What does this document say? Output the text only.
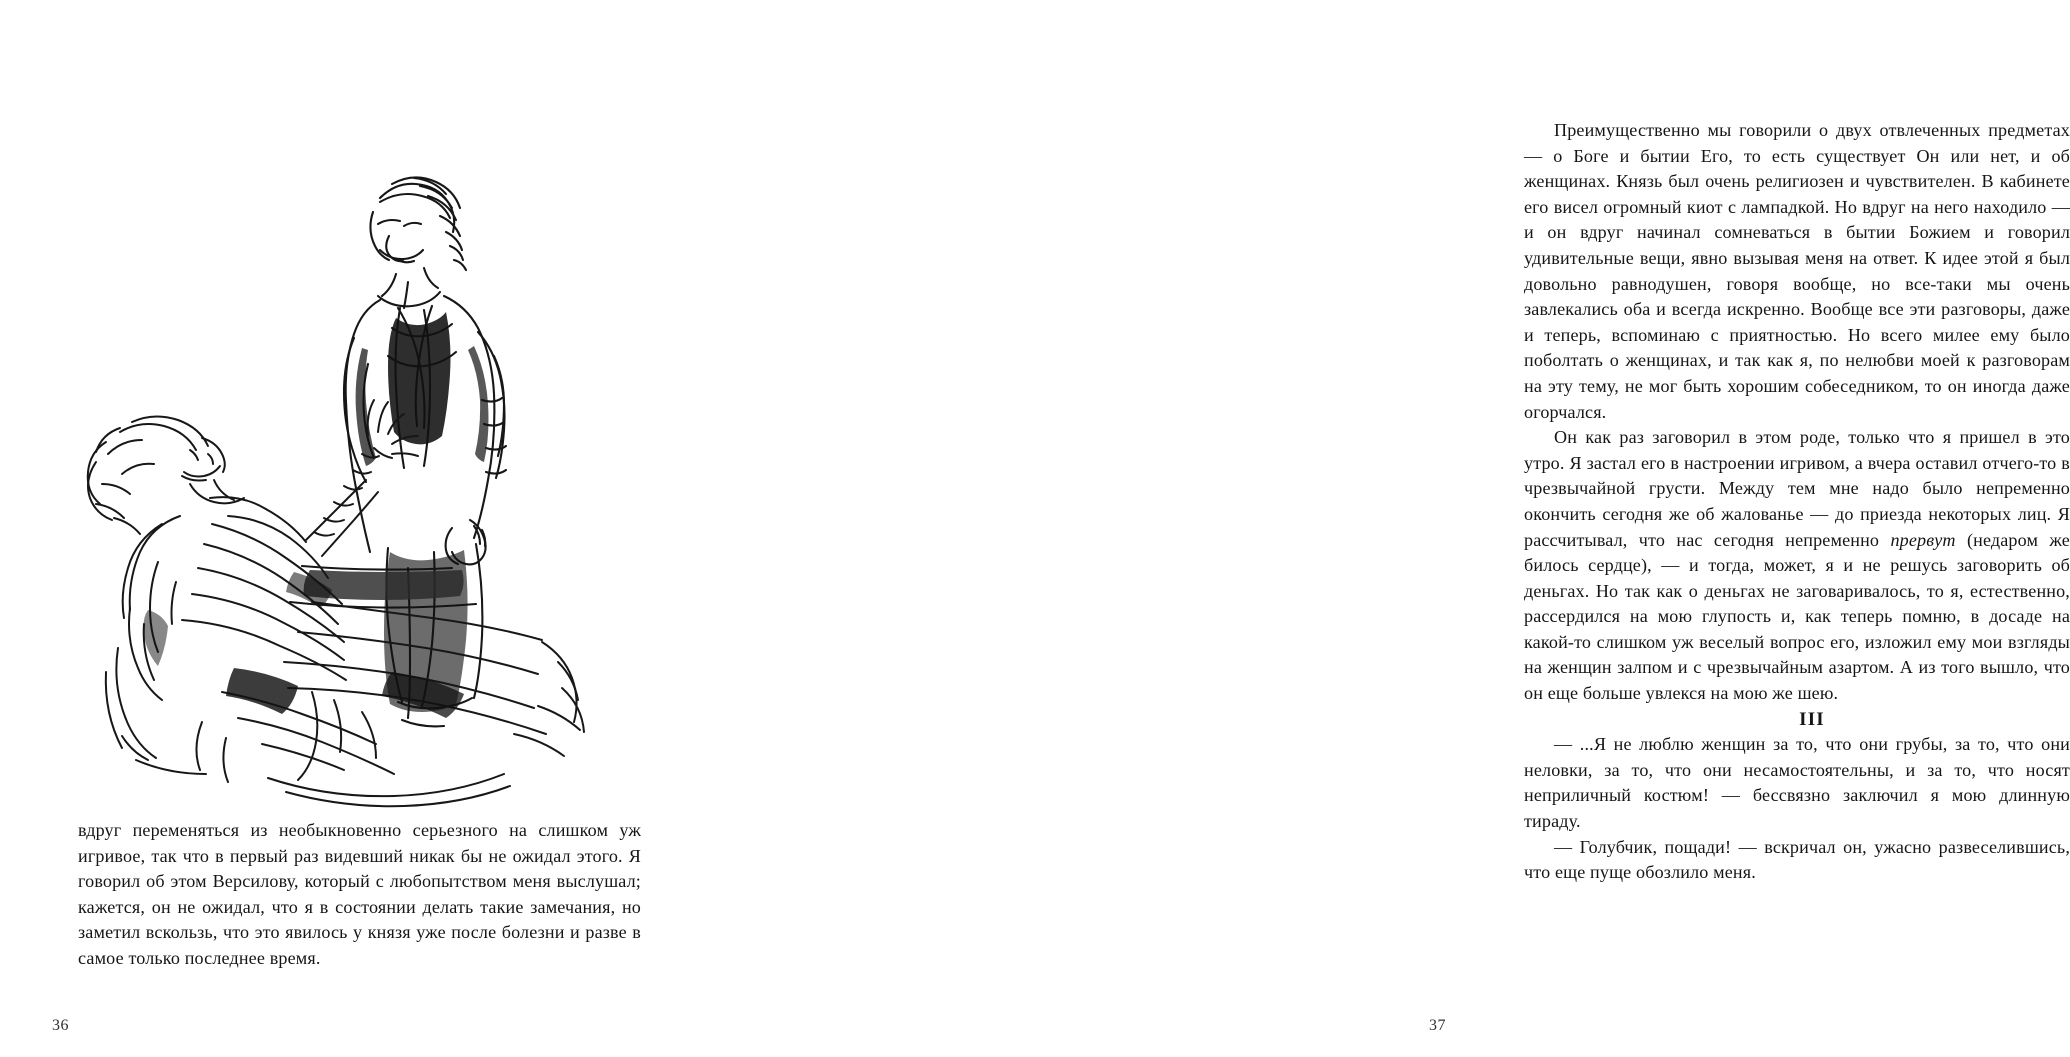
вдруг переменяться из необыкновенно серьезного на слишком уж игривое, так что в первый раз видевший никак бы не ожидал этого. Я говорил об этом Версилову, который с любопытством меня выслушал; кажется, он не ожидал, что я в состоянии делать такие замечания, но заметил вскользь, что это явилось у князя уже после болезни и разве в самое только последнее время.

36

Преимущественно мы говорили о двух отвлеченных предметах — о Боге и бытии Его, то есть существует Он или нет, и об женщинах. Князь был очень религиозен и чувствителен. В кабинете его висел огромный киот с лампадкой. Но вдруг на него находило — и он вдруг начинал сомневаться в бытии Божием и говорил удивительные вещи, явно вызывая меня на ответ. К идее этой я был довольно равнодушен, говоря вообще, но все-таки мы очень завлекались оба и всегда искренно. Вообще все эти разговоры, даже и теперь, вспоминаю с приятностью. Но всего милее ему было поболтать о женщинах, и так как я, по нелюбви моей к разговорам на эту тему, не мог быть хорошим собеседником, то он иногда даже огорчался.

Он как раз заговорил в этом роде, только что я пришел в это утро. Я застал его в настроении игривом, а вчера оставил отчего-то в чрезвычайной грусти. Между тем мне надо было непременно окончить сегодня же об жалованье — до приезда некоторых лиц. Я рассчитывал, что нас сегодня непременно прервут (недаром же билось сердце), — и тогда, может, я и не решусь заговорить об деньгах. Но так как о деньгах не заговаривалось, то я, естественно, рассердился на мою глупость и, как теперь помню, в досаде на какой-то слишком уж веселый вопрос его, изложил ему мои взгляды на женщин залпом и с чрезвычайным азартом. А из того вышло, что он еще больше увлекся на мою же шею.

III

— ...Я не люблю женщин за то, что они грубы, за то, что они неловки, за то, что они несамостоятельны, и за то, что носят неприличный костюм! — бессвязно заключил я мою длинную тираду.

— Голубчик, пощади! — вскричал он, ужасно развеселившись, что еще пуще обозлило меня.

37
